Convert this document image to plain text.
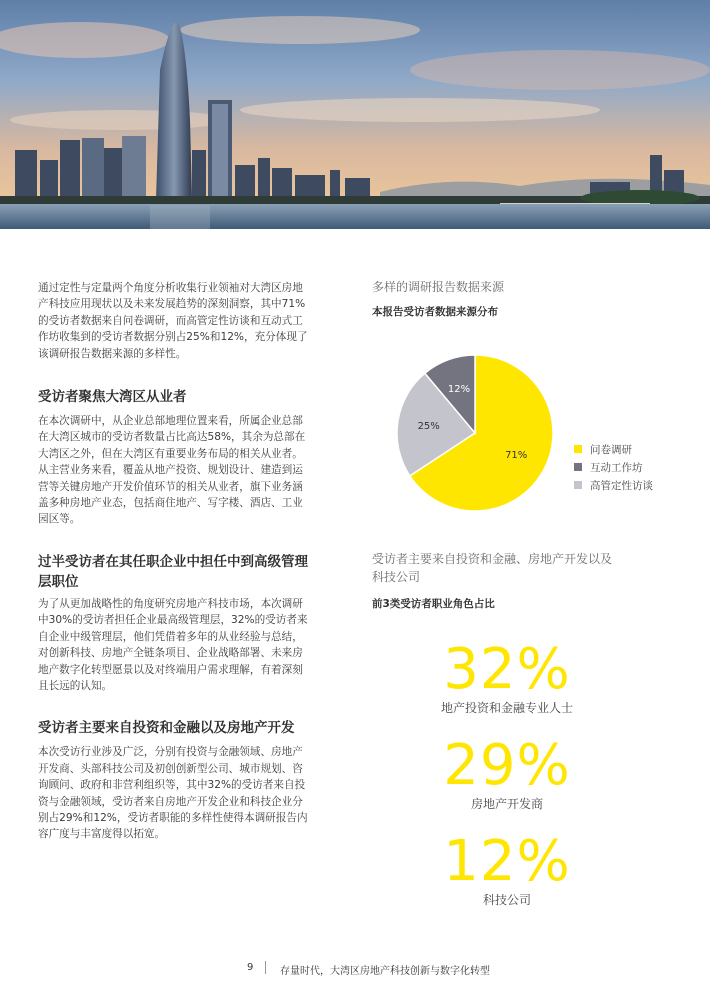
通过定性与定量两个角度分析收集行业领袖对大湾区房地

产科技应用现状以及未来发展趋势的深刻洞察，其中71%

的受访者数据来自问卷调研，而高管定性访谈和互动式工

作坊收集到的受访者数据分别占25%和12%，充分体现了

该调研报告数据来源的多样性。

受访者聚焦大湾区从业者

在本次调研中，从企业总部地理位置来看，所属企业总部

在大湾区城市的受访者数量占比高达58%，其余为总部在

大湾区之外，但在大湾区有重要业务布局的相关从业者。

从主营业务来看，覆盖从地产投资、规划设计、建造到运

营等关键房地产开发价值环节的相关从业者，旗下业务涵

盖多种房地产业态，包括商住地产、写字楼、酒店、工业

园区等。

过半受访者在其任职企业中担任中到高级管理
层职位

为了从更加战略性的角度研究房地产科技市场，本次调研

中30%的受访者担任企业最高级管理层，32%的受访者来

自企业中级管理层，他们凭借着多年的从业经验与总结，

对创新科技、房地产全链条项目、企业战略部署、未来房

地产数字化转型愿景以及对终端用户需求理解，有着深刻

且长远的认知。

受访者主要来自投资和金融以及房地产开发

本次受访行业涉及广泛，分别有投资与金融领域、房地产

开发商、头部科技公司及初创创新型公司、城市规划、咨

询顾问、政府和非营利组织等，其中32%的受访者来自投

资与金融领域，受访者来自房地产开发企业和科技企业分

别占29%和12%，受访者职能的多样性使得本调研报告内

容广度与丰富度得以拓宽。

多样的调研报告数据来源

本报告受访者数据来源分布

71%
25%
12%
问卷调研
互动工作坊
高管定性访谈

受访者主要来自投资和金融、房地产开发以及

科技公司

前3类受访者职业角色占比

32%
地产投资和金融专业人士
29%
房地产开发商
12%
科技公司
9	存量时代，大湾区房地产科技创新与数字化转型
